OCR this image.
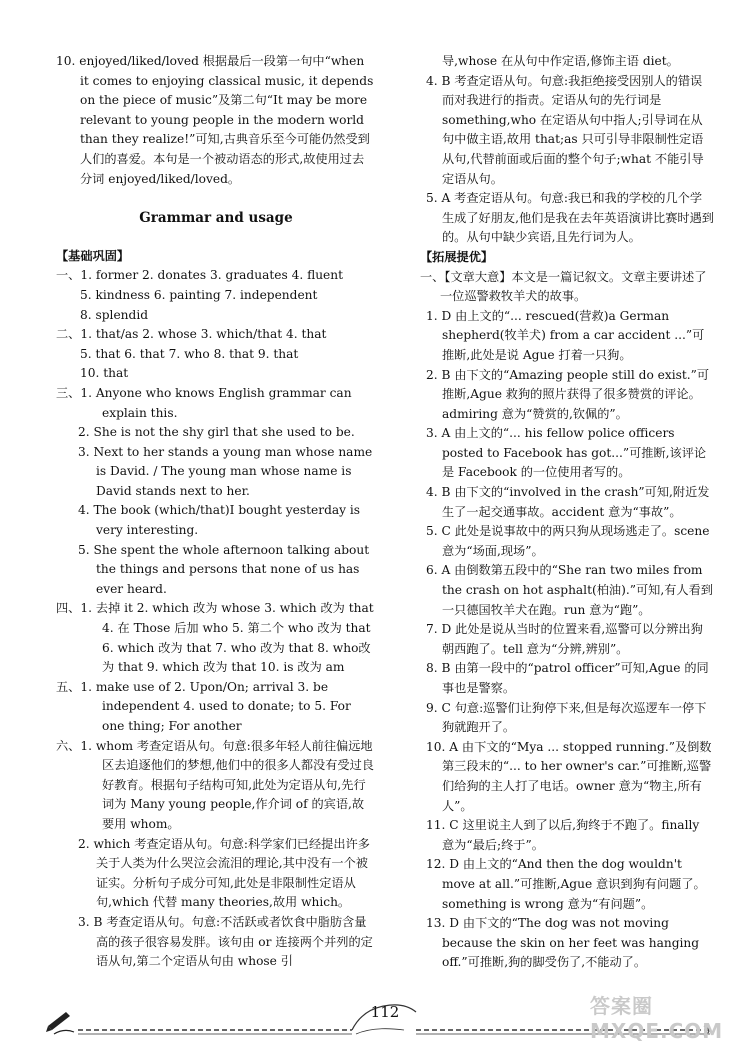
10. enjoyed/liked/loved 根据最后一段第一句中“when it comes to enjoying classical music, it depends on the piece of music”及第二句“It may be more relevant to young people in the modern world than they realize!”可知,古典音乐至今可能仍然受到人们的喜爱。本句是一个被动语态的形式,故使用过去分词 enjoyed/liked/loved。

Grammar and usage

【基础巩固】

一、1. former 2. donates 3. graduates 4. fluent

5. kindness 6. painting 7. independent

8. splendid

二、1. that/as 2. whose 3. which/that 4. that

5. that 6. that 7. who 8. that 9. that

10. that

三、1. Anyone who knows English grammar can explain this.

2. She is not the shy girl that she used to be.

3. Next to her stands a young man whose name is David. / The young man whose name is David stands next to her.

4. The book (which/that)I bought yesterday is very interesting.

5. She spent the whole afternoon talking about the things and persons that none of us has ever heard.

四、1. 去掉 it 2. which 改为 whose 3. which 改为 that 4. 在 Those 后加 who 5. 第二个 who 改为 that 6. which 改为 that 7. who 改为 that 8. who改为 that 9. which 改为 that 10. is 改为 am

五、1. make use of 2. Upon/On; arrival 3. be independent 4. used to donate; to 5. For one thing; For another

六、1. whom 考查定语从句。句意:很多年轻人前往偏远地区去追逐他们的梦想,他们中的很多人都没有受过良好教育。根据句子结构可知,此处为定语从句,先行词为 Many young people,作介词 of 的宾语,故要用 whom。

2. which 考查定语从句。句意:科学家们已经提出许多关于人类为什么哭泣会流泪的理论,其中没有一个被证实。分析句子成分可知,此处是非限制性定语从句,which 代替 many theories,故用 which。

3. B 考查定语从句。句意:不活跃或者饮食中脂肪含量高的孩子很容易发胖。该句由 or 连接两个并列的定语从句,第二个定语从句由 whose 引

导,whose 在从句中作定语,修饰主语 diet。

4. B 考查定语从句。句意:我拒绝接受因别人的错误而对我进行的指责。定语从句的先行词是 something,who 在定语从句中指人;引导词在从句中做主语,故用 that;as 只可引导非限制性定语从句,代替前面或后面的整个句子;what 不能引导定语从句。

5. A 考查定语从句。句意:我已和我的学校的几个学生成了好朋友,他们是我在去年英语演讲比赛时遇到的。从句中缺少宾语,且先行词为人。

【拓展提优】

一、【文章大意】本文是一篇记叙文。文章主要讲述了一位巡警救牧羊犬的故事。

1. D 由上文的“... rescued(营救)a German shepherd(牧羊犬) from a car accident ...”可推断,此处是说 Ague 打着一只狗。

2. B 由下文的“Amazing people still do exist.”可推断,Ague 救狗的照片获得了很多赞赏的评论。admiring 意为“赞赏的,钦佩的”。

3. A 由上文的“... his fellow police officers posted to Facebook has got...”可推断,该评论是 Facebook 的一位使用者写的。

4. B 由下文的“involved in the crash”可知,附近发生了一起交通事故。accident 意为“事故”。

5. C 此处是说事故中的两只狗从现场逃走了。scene 意为“场面,现场”。

6. A 由倒数第五段中的“She ran two miles from the crash on hot asphalt(柏油).”可知,有人看到一只德国牧羊犬在跑。run 意为“跑”。

7. D 此处是说从当时的位置来看,巡警可以分辨出狗朝西跑了。tell 意为“分辨,辨别”。

8. B 由第一段中的“patrol officer”可知,Ague 的同事也是警察。

9. C 句意:巡警们让狗停下来,但是每次巡逻车一停下狗就跑开了。

10. A 由下文的“Mya ... stopped running.”及倒数第三段末的“... to her owner's car.”可推断,巡警们给狗的主人打了电话。owner 意为“物主,所有人”。

11. C 这里说主人到了以后,狗终于不跑了。finally 意为“最后;终于”。

12. D 由上文的“And then the dog wouldn't move at all.”可推断,Ague 意识到狗有问题了。something is wrong 意为“有问题”。

13. D 由下文的“The dog was not moving because the skin on her feet was hanging off.”可推断,狗的脚受伤了,不能动了。

112	答案圈 MXQE.COM
